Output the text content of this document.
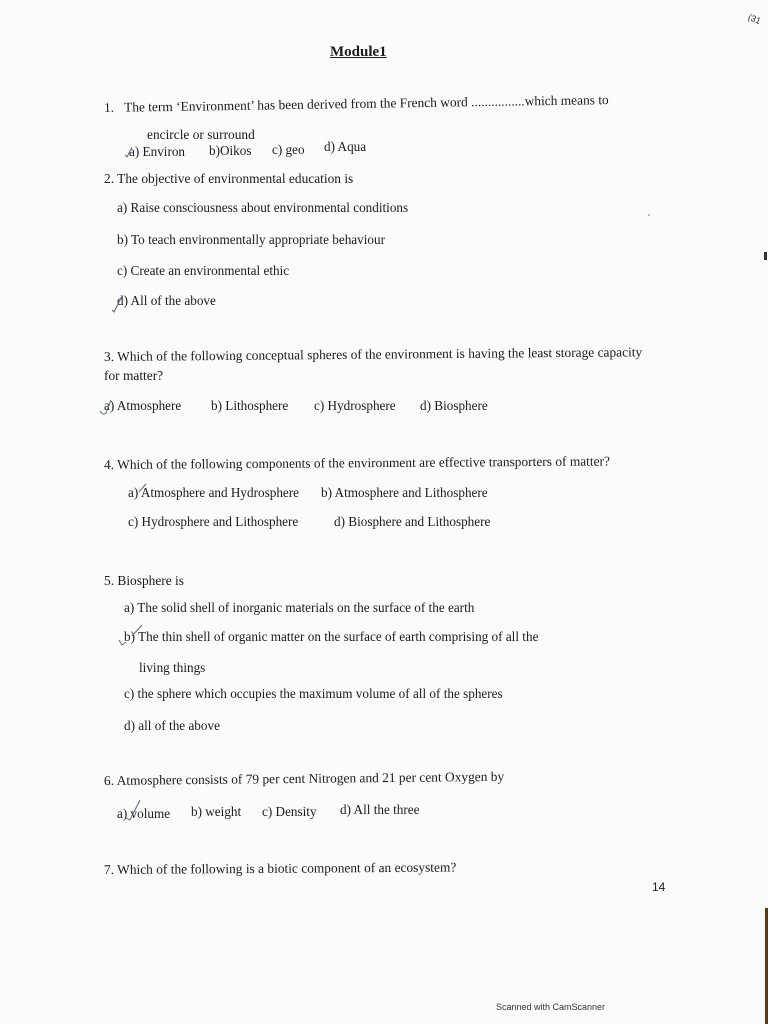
(31
Module1
1.   The term ‘Environment’ has been derived from the French word ................which means to
encircle or surround
a) Environ b)Oikos c) geo d) Aqua
2. The objective of environmental education is
a) Raise consciousness about environmental conditions
b) To teach environmentally appropriate behaviour
c) Create an environmental ethic
d) All of the above
3. Which of the following conceptual spheres of the environment is having the least storage capacity
for matter?
a) Atmosphere b) Lithosphere c) Hydrosphere d) Biosphere
4. Which of the following components of the environment are effective transporters of matter?
a) Atmosphere and Hydrosphere b) Atmosphere and Lithosphere
c) Hydrosphere and Lithosphere	d) Biosphere and Lithosphere
5. Biosphere is
a) The solid shell of inorganic materials on the surface of the earth
b) The thin shell of organic matter on the surface of earth comprising of all the
living things
c) the sphere which occupies the maximum volume of all of the spheres
d) all of the above
6. Atmosphere consists of 79 per cent Nitrogen and 21 per cent Oxygen by
a) volume b) weight c) Density d) All the three
7. Which of the following is a biotic component of an ecosystem?
14
Scanned with CamScanner
